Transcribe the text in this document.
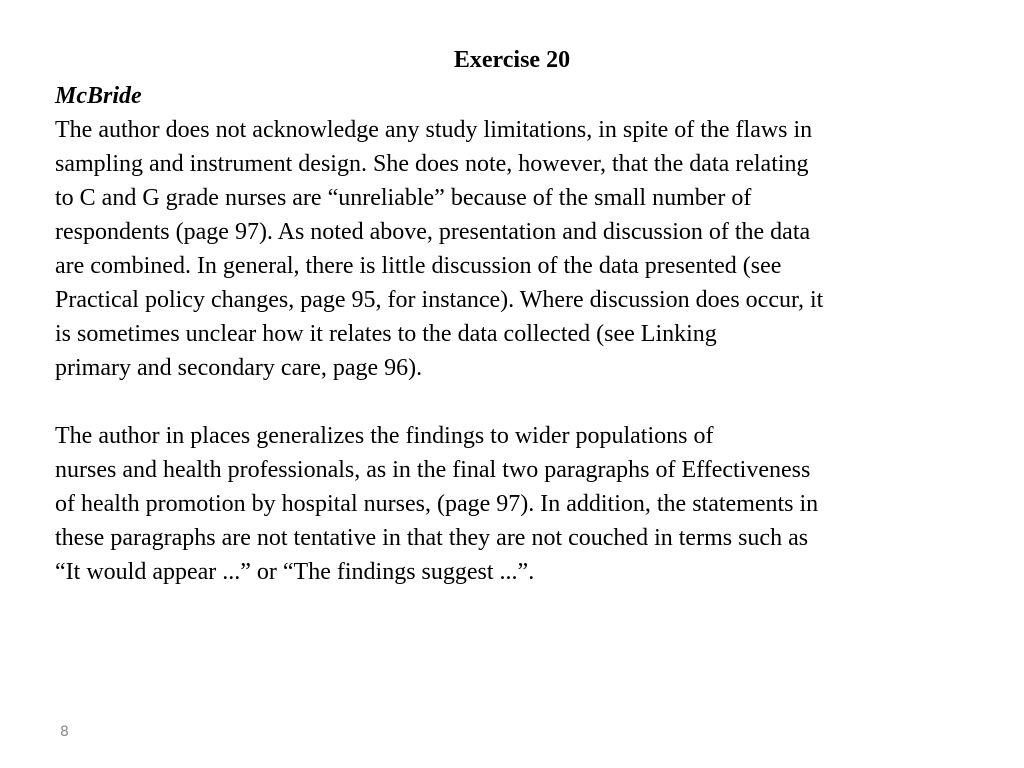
Exercise 20
McBride

The author does not acknowledge any study limitations, in spite of the flaws in
sampling and instrument design. She does note, however, that the data relating
to C and G grade nurses are “unreliable” because of the small number of
respondents (page 97). As noted above, presentation and discussion of the data
are combined. In general, there is little discussion of the data presented (see
Practical policy changes, page 95, for instance). Where discussion does occur, it
is sometimes unclear how it relates to the data collected (see Linking
primary and secondary care, page 96).

The author in places generalizes the findings to wider populations of
nurses and health professionals, as in the final two paragraphs of Effectiveness
of health promotion by hospital nurses, (page 97). In addition, the statements in
these paragraphs are not tentative in that they are not couched in terms such as
“It would appear ...” or “The findings suggest ...”.

8
